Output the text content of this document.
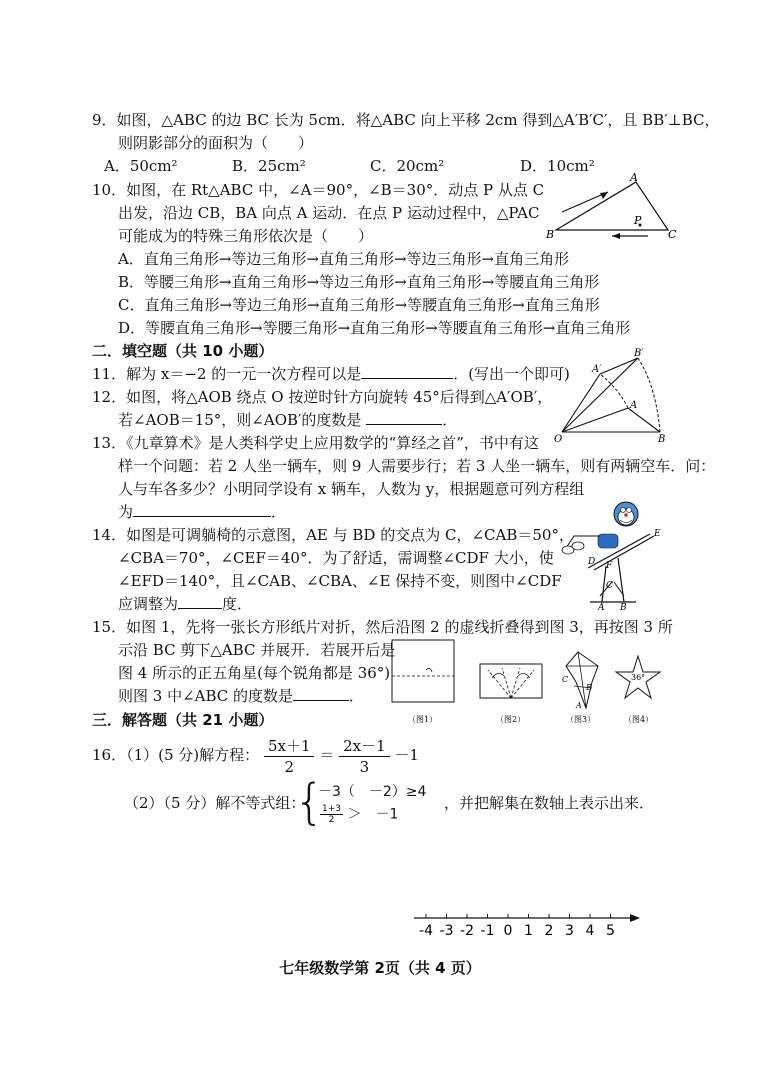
9．如图，△ABC 的边 BC 长为 5cm．将△ABC 向上平移 2cm 得到△A′B′C′，且 BB′⊥BC，
则阴影部分的面积为（　　）
A．50cm²	B．25cm²	C．20cm²	D．10cm²
10．如图，在 Rt△ABC 中，∠A＝90°，∠B＝30°．动点 P 从点 C
出发，沿边 CB，BA 向点 A 运动．在点 P 运动过程中，△PAC
可能成为的特殊三角形依次是（　　）
A．直角三角形→等边三角形→直角三角形→等边三角形→直角三角形
B．等腰三角形→直角三角形→等边三角形→直角三角形→等腰直角三角形
C．直角三角形→等边三角形→直角三角形→等腰直角三角形→直角三角形
D．等腰直角三角形→等腰三角形→直角三角形→等腰直角三角形→直角三角形
A
B	C
P
二．填空题（共 10 小题）
11．解为 x＝−2 的一元一次方程可以是	．(写出一个即可)
12．如图，将△AOB 绕点 O 按逆时针方向旋转 45°后得到△A′OB′，
若∠AOB＝15°，则∠AOB′的度数是	．
A′
B′
A
O	B
13．《九章算术》是人类科学史上应用数学的“算经之首”，书中有这
样一个问题：若 2 人坐一辆车，则 9 人需要步行；若 3 人坐一辆车，则有两辆空车．问：
人与车各多少？小明同学设有 x 辆车，人数为 y，根据题意可列方程组
为	．
14．如图是可调躺椅的示意图，AE 与 BD 的交点为 C，∠CAB＝50°，
∠CBA＝70°，∠CEF＝40°．为了舒适，需调整∠CDF 大小，使
∠EFD＝140°，且∠CAB、∠CBA、∠E 保持不变，则图中∠CDF
应调整为	度．
E
D F
C
A B
15．如图 1，先将一张长方形纸片对折，然后沿图 2 的虚线折叠得到图 3，再按图 3 所
示沿 BC 剪下△ABC 并展开．若展开后是
图 4 所示的正五角星(每个锐角都是 36°)
则图 3 中∠ABC 的度数是	．
C
B
A
36°
（图1）	（图2）	（图3）	（图4）
三．解答题（共 21 小题）
16．（1）(5 分)解方程： $\frac{5x+1}{2} = \frac{2x-1}{3} -1$
（2）（5 分）解不等式组：
{
－3（　－2）≥4
$\frac{1+3}{2}$ ＞　－1
，并把解集在数轴上表示出来．
-4 -3 -2 -1 0 1 2 3 4 5
七年级数学第 2页（共 4 页）
